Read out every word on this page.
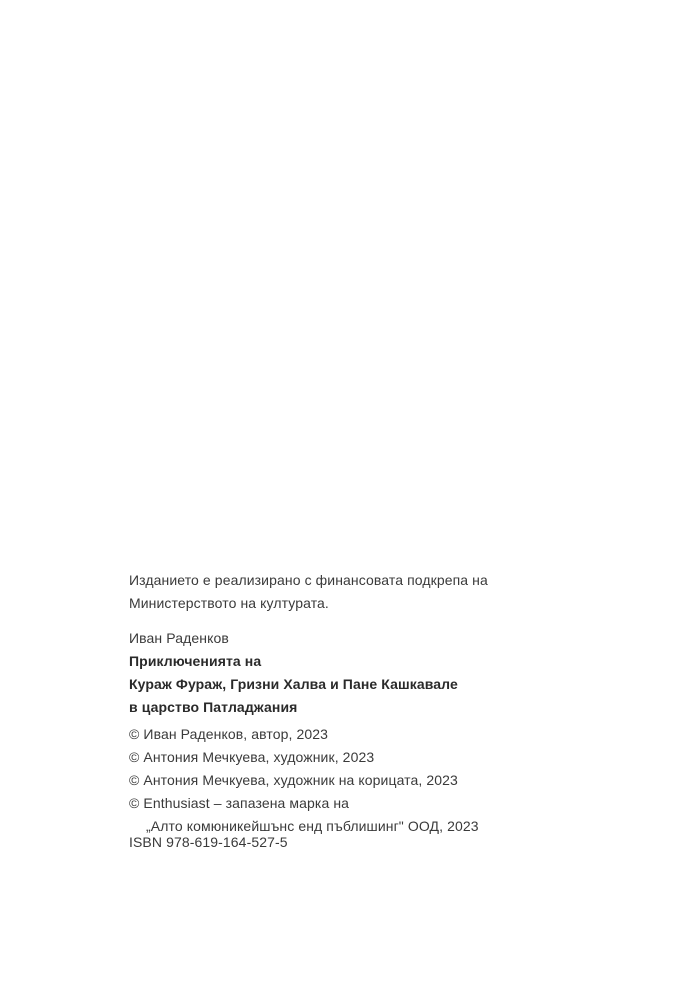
Изданието е реализирано с финансовата подкрепа на
Министерството на културата.
Иван Раденков
Приключенията на
Кураж Фураж, Гризни Халва и Пане Кашкавале
в царство Патладжания
© Иван Раденков, автор, 2023
© Антония Мечкуева, художник, 2023
© Антония Мечкуева, художник на корицата, 2023
© Enthusiast – запазена марка на
„Алто комюникейшънс енд пъблишинг" ООД, 2023
ISBN 978-619-164-527-5
